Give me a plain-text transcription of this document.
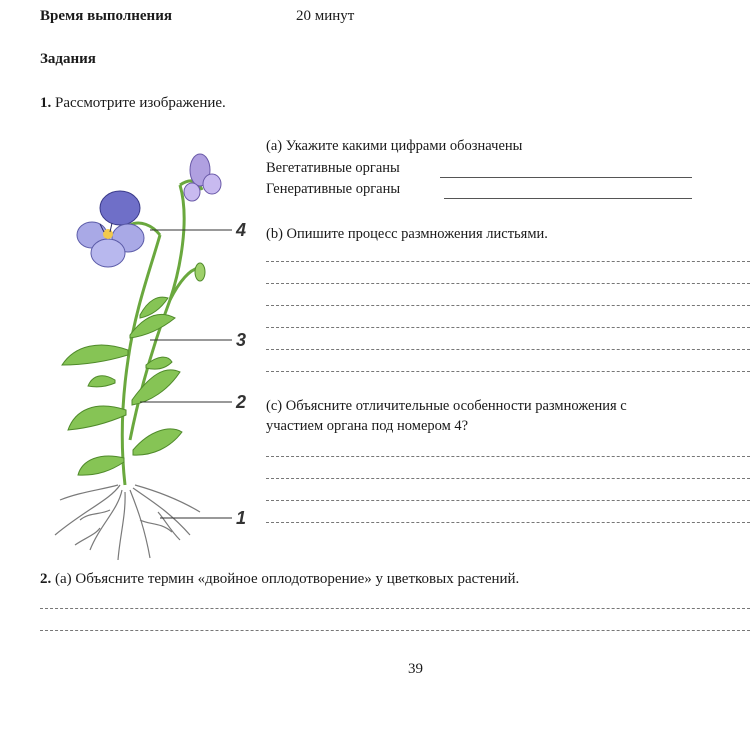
Время выполнения	20 минут
Задания
1. Рассмотрите изображение.
4
3
2
1
(а) Укажите какими цифрами обозначены
Вегетативные органы
Генеративные органы
(b) Опишите процесс размножения листьями.
(c) Объясните отличительные особенности размножения с
участием органа под номером 4?
2. (а) Объясните термин «двойное оплодотворение» у цветковых растений.
39
